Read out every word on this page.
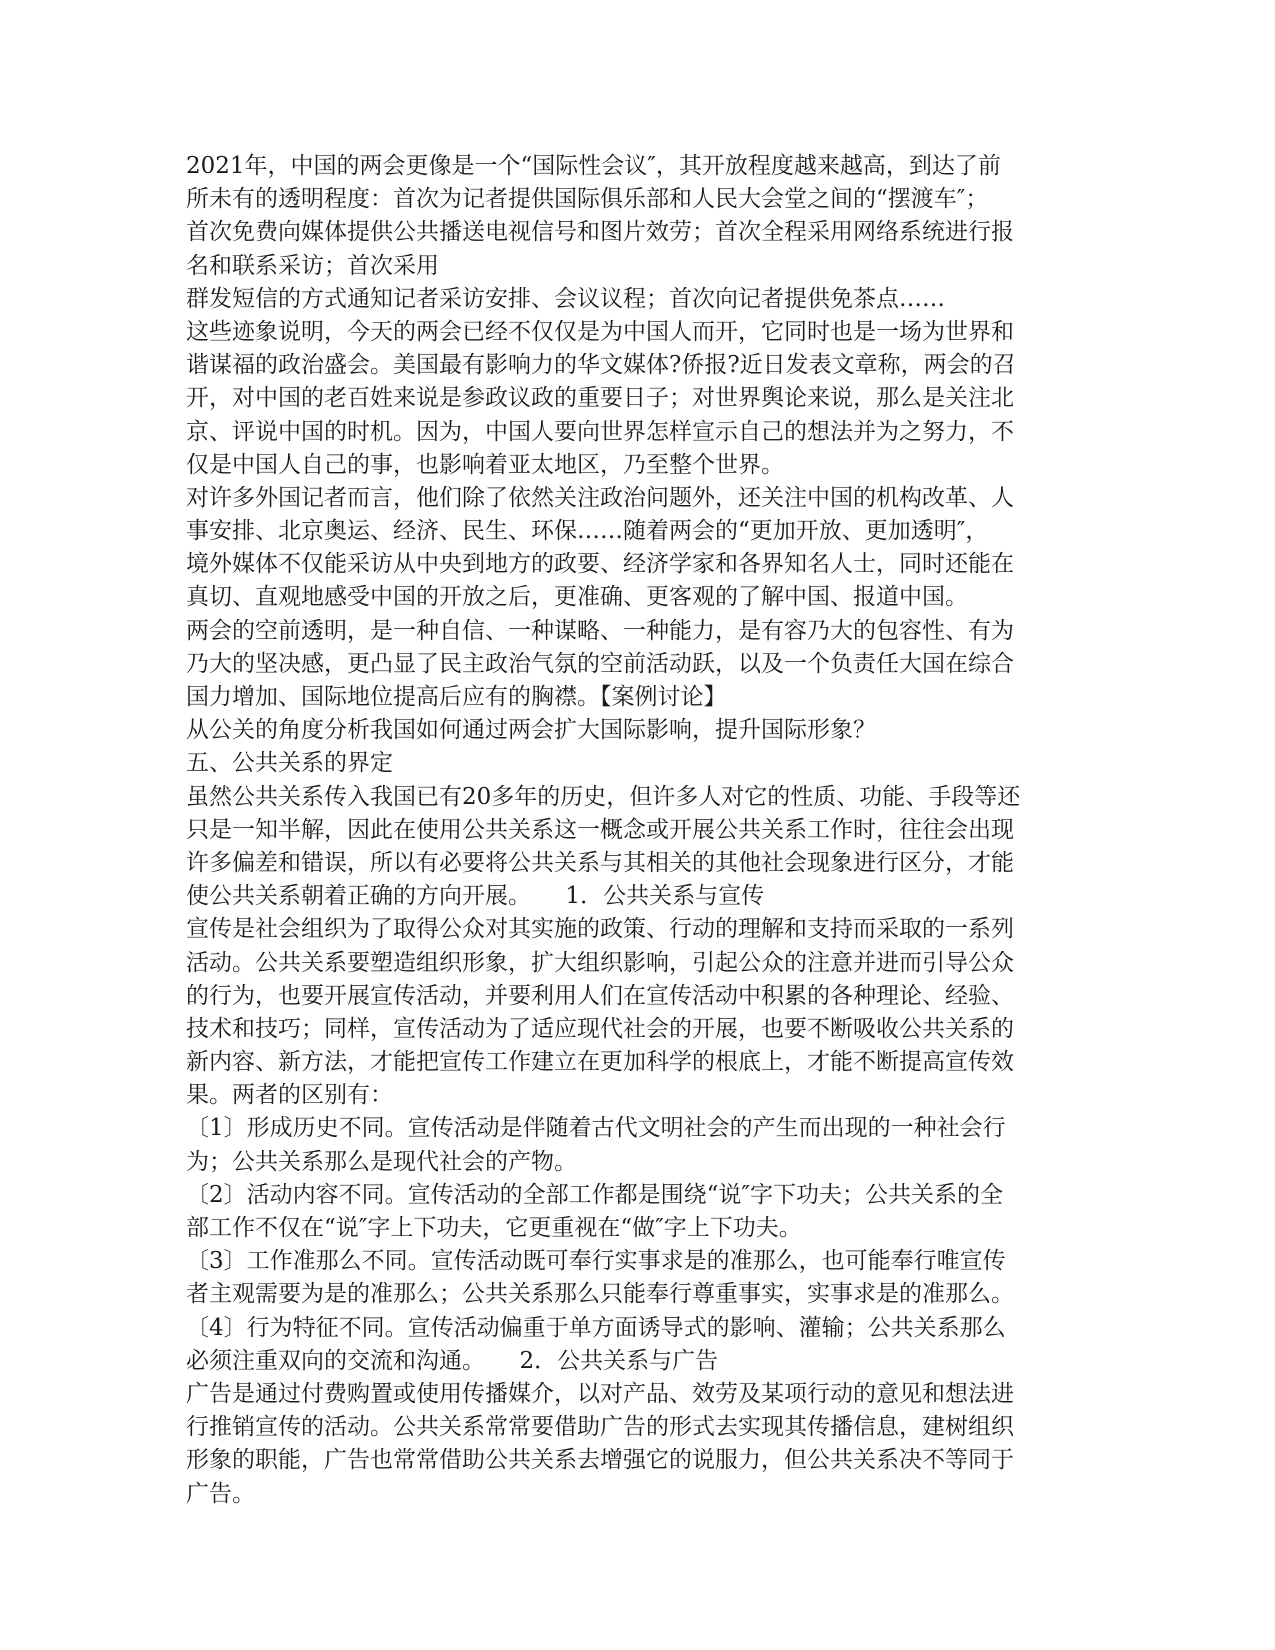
2021年，中国的两会更像是一个“国际性会议″，其开放程度越来越高，到达了前
所未有的透明程度：首次为记者提供国际俱乐部和人民大会堂之间的“摆渡车″；
首次免费向媒体提供公共播送电视信号和图片效劳；首次全程采用网络系统进行报
名和联系采访；首次采用
群发短信的方式通知记者采访安排、会议议程；首次向记者提供免茶点……
这些迹象说明，今天的两会已经不仅仅是为中国人而开，它同时也是一场为世界和
谐谋福的政治盛会。美国最有影响力的华文媒体?侨报?近日发表文章称，两会的召
开，对中国的老百姓来说是参政议政的重要日子；对世界舆论来说，那么是关注北
京、评说中国的时机。因为，中国人要向世界怎样宣示自己的想法并为之努力，不
仅是中国人自己的事，也影响着亚太地区，乃至整个世界。
对许多外国记者而言，他们除了依然关注政治问题外，还关注中国的机构改革、人
事安排、北京奥运、经济、民生、环保……随着两会的“更加开放、更加透明″，
境外媒体不仅能采访从中央到地方的政要、经济学家和各界知名人士，同时还能在
真切、直观地感受中国的开放之后，更准确、更客观的了解中国、报道中国。
两会的空前透明，是一种自信、一种谋略、一种能力，是有容乃大的包容性、有为
乃大的坚决感，更凸显了民主政治气氛的空前活动跃，以及一个负责任大国在综合
国力增加、国际地位提高后应有的胸襟。【案例讨论】
从公关的角度分析我国如何通过两会扩大国际影响，提升国际形象？
五、公共关系的界定
虽然公共关系传入我国已有20多年的历史，但许多人对它的性质、功能、手段等还
只是一知半解，因此在使用公共关系这一概念或开展公共关系工作时，往往会出现
许多偏差和错误，所以有必要将公共关系与其相关的其他社会现象进行区分，才能
使公共关系朝着正确的方向开展。　　1．公共关系与宣传
宣传是社会组织为了取得公众对其实施的政策、行动的理解和支持而采取的一系列
活动。公共关系要塑造组织形象，扩大组织影响，引起公众的注意并进而引导公众
的行为，也要开展宣传活动，并要利用人们在宣传活动中积累的各种理论、经验、
技术和技巧；同样，宣传活动为了适应现代社会的开展，也要不断吸收公共关系的
新内容、新方法，才能把宣传工作建立在更加科学的根底上，才能不断提高宣传效
果。两者的区别有：
〔1〕形成历史不同。宣传活动是伴随着古代文明社会的产生而出现的一种社会行
为；公共关系那么是现代社会的产物。
〔2〕活动内容不同。宣传活动的全部工作都是围绕“说″字下功夫；公共关系的全
部工作不仅在“说″字上下功夫，它更重视在“做″字上下功夫。
〔3〕工作准那么不同。宣传活动既可奉行实事求是的准那么，也可能奉行唯宣传
者主观需要为是的准那么；公共关系那么只能奉行尊重事实，实事求是的准那么。
〔4〕行为特征不同。宣传活动偏重于单方面诱导式的影响、灌输；公共关系那么
必须注重双向的交流和沟通。　　2．公共关系与广告
广告是通过付费购置或使用传播媒介，以对产品、效劳及某项行动的意见和想法进
行推销宣传的活动。公共关系常常要借助广告的形式去实现其传播信息，建树组织
形象的职能，广告也常常借助公共关系去增强它的说服力，但公共关系决不等同于
广告。
